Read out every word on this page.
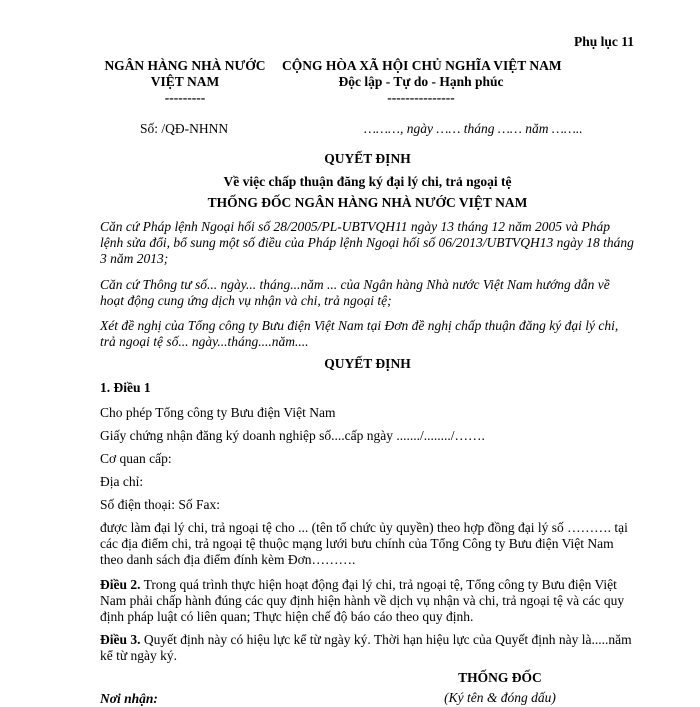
Phụ lục 11
NGÂN HÀNG NHÀ NƯỚC
VIỆT NAM
---------
CỘNG HÒA XÃ HỘI CHỦ NGHĨA VIỆT NAM
Độc lập - Tự do - Hạnh phúc
---------------
Số: /QĐ-NHNN	………, ngày …… tháng …… năm ……..
QUYẾT ĐỊNH
Về việc chấp thuận đăng ký đại lý chi, trả ngoại tệ
THỐNG ĐỐC NGÂN HÀNG NHÀ NƯỚC VIỆT NAM
Căn cứ Pháp lệnh Ngoại hối số 28/2005/PL-UBTVQH11 ngày 13 tháng 12 năm 2005 và Pháp lệnh sửa đổi, bổ sung một số điều của Pháp lệnh Ngoại hối số 06/2013/UBTVQH13 ngày 18 tháng 3 năm 2013;
Căn cứ Thông tư số... ngày... tháng...năm ... của Ngân hàng Nhà nước Việt Nam hướng dẫn về hoạt động cung ứng dịch vụ nhận và chi, trả ngoại tệ;
Xét đề nghị của Tổng công ty Bưu điện Việt Nam tại Đơn đề nghị chấp thuận đăng ký đại lý chi, trả ngoại tệ số... ngày...tháng....năm....
QUYẾT ĐỊNH
1. Điều 1
Cho phép Tổng công ty Bưu điện Việt Nam
Giấy chứng nhận đăng ký doanh nghiệp số....cấp ngày ......./......../…….
Cơ quan cấp:
Địa chỉ:
Số điện thoại: Số Fax:
được làm đại lý chi, trả ngoại tệ cho ... (tên tổ chức ủy quyền) theo hợp đồng đại lý số ………. tại các địa điểm chi, trả ngoại tệ thuộc mạng lưới bưu chính của Tổng Công ty Bưu điện Việt Nam theo danh sách địa điểm đính kèm Đơn……….
Điều 2. Trong quá trình thực hiện hoạt động đại lý chi, trả ngoại tệ, Tổng công ty Bưu điện Việt Nam phải chấp hành đúng các quy định hiện hành về dịch vụ nhận và chi, trả ngoại tệ và các quy định pháp luật có liên quan; Thực hiện chế độ báo cáo theo quy định.
Điều 3. Quyết định này có hiệu lực kể từ ngày ký. Thời hạn hiệu lực của Quyết định này là.....năm kể từ ngày ký.
THỐNG ĐỐC
(Ký tên & đóng dấu)
Nơi nhận:
